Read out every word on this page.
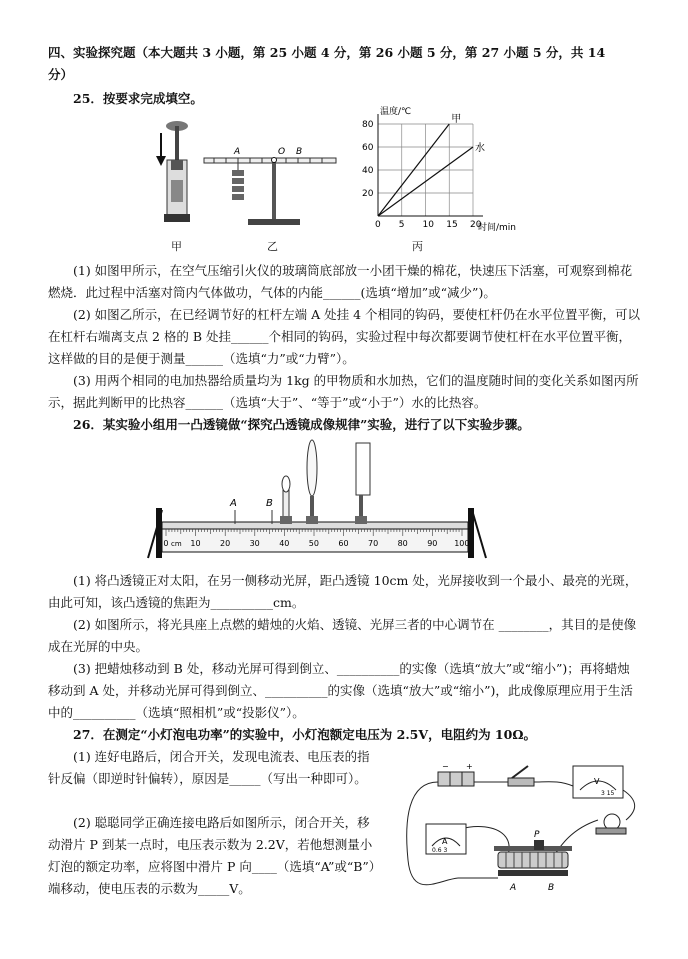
四、实验探究题（本大题共 3 小题，第 25 小题 4 分，第 26 小题 5 分，第 27 小题 5 分，共 14
分）

25．按要求完成填空。

甲
A	O B
乙
温度/℃
时间/min
0 5 10 15 20
20
40
60
80	甲
水
丙

(1) 如图甲所示，在空气压缩引火仪的玻璃筒底部放一小团干燥的棉花，快速压下活塞，可观察到棉花燃烧．此过程中活塞对筒内气体做功，气体的内能______(选填“增加”或“减少”)。

(2) 如图乙所示，在已经调节好的杠杆左端 A 处挂 4 个相同的钩码，要使杠杆仍在水平位置平衡，可以在杠杆右端离支点 2 格的 B 处挂______个相同的钩码，实验过程中每次都要调节使杠杆在水平位置平衡，这样做的目的是便于测量______（选填“力”或“力臂”）。

(3) 用两个相同的电加热器给质量均为 1kg 的甲物质和水加热，它们的温度随时间的变化关系如图丙所示，据此判断甲的比热容______（选填“大于”、“等于”或“小于”）水的比热容。

26．某实验小组用一凸透镜做“探究凸透镜成像规律”实验，进行了以下实验步骤。

0	10 20 30 40 50 60 70 80 90 100
cm
A	B

(1) 将凸透镜正对太阳，在另一侧移动光屏，距凸透镜 10cm 处，光屏接收到一个最小、最亮的光斑，由此可知，该凸透镜的焦距为__________cm。

(2) 如图所示，将光具座上点燃的蜡烛的火焰、透镜、光屏三者的中心调节在 ________，其目的是使像成在光屏的中央。

(3) 把蜡烛移动到 B 处，移动光屏可得到倒立、__________的实像（选填“放大”或“缩小”)；再将蜡烛移动到 A 处，并移动光屏可得到倒立、__________的实像（选填“放大”或“缩小”)，此成像原理应用于生活中的__________（选填“照相机”或“投影仪”）。

27．在测定“小灯泡电功率”的实验中，小灯泡额定电压为 2.5V，电阻约为 10Ω。

(1) 连好电路后，闭合开关，发现电流表、电压表的指针反偏（即逆时针偏转），原因是_____（写出一种即可）。

(2) 聪聪同学正确连接电路后如图所示，闭合开关，移动滑片 P 到某一点时，电压表示数为 2.2V，若他想测量小灯泡的额定功率，应将图中滑片 P 向____（选填“A”或“B”）端移动，使电压表的示数为_____V。

− +
V
3 15
A
0.6 3
P
A	B
